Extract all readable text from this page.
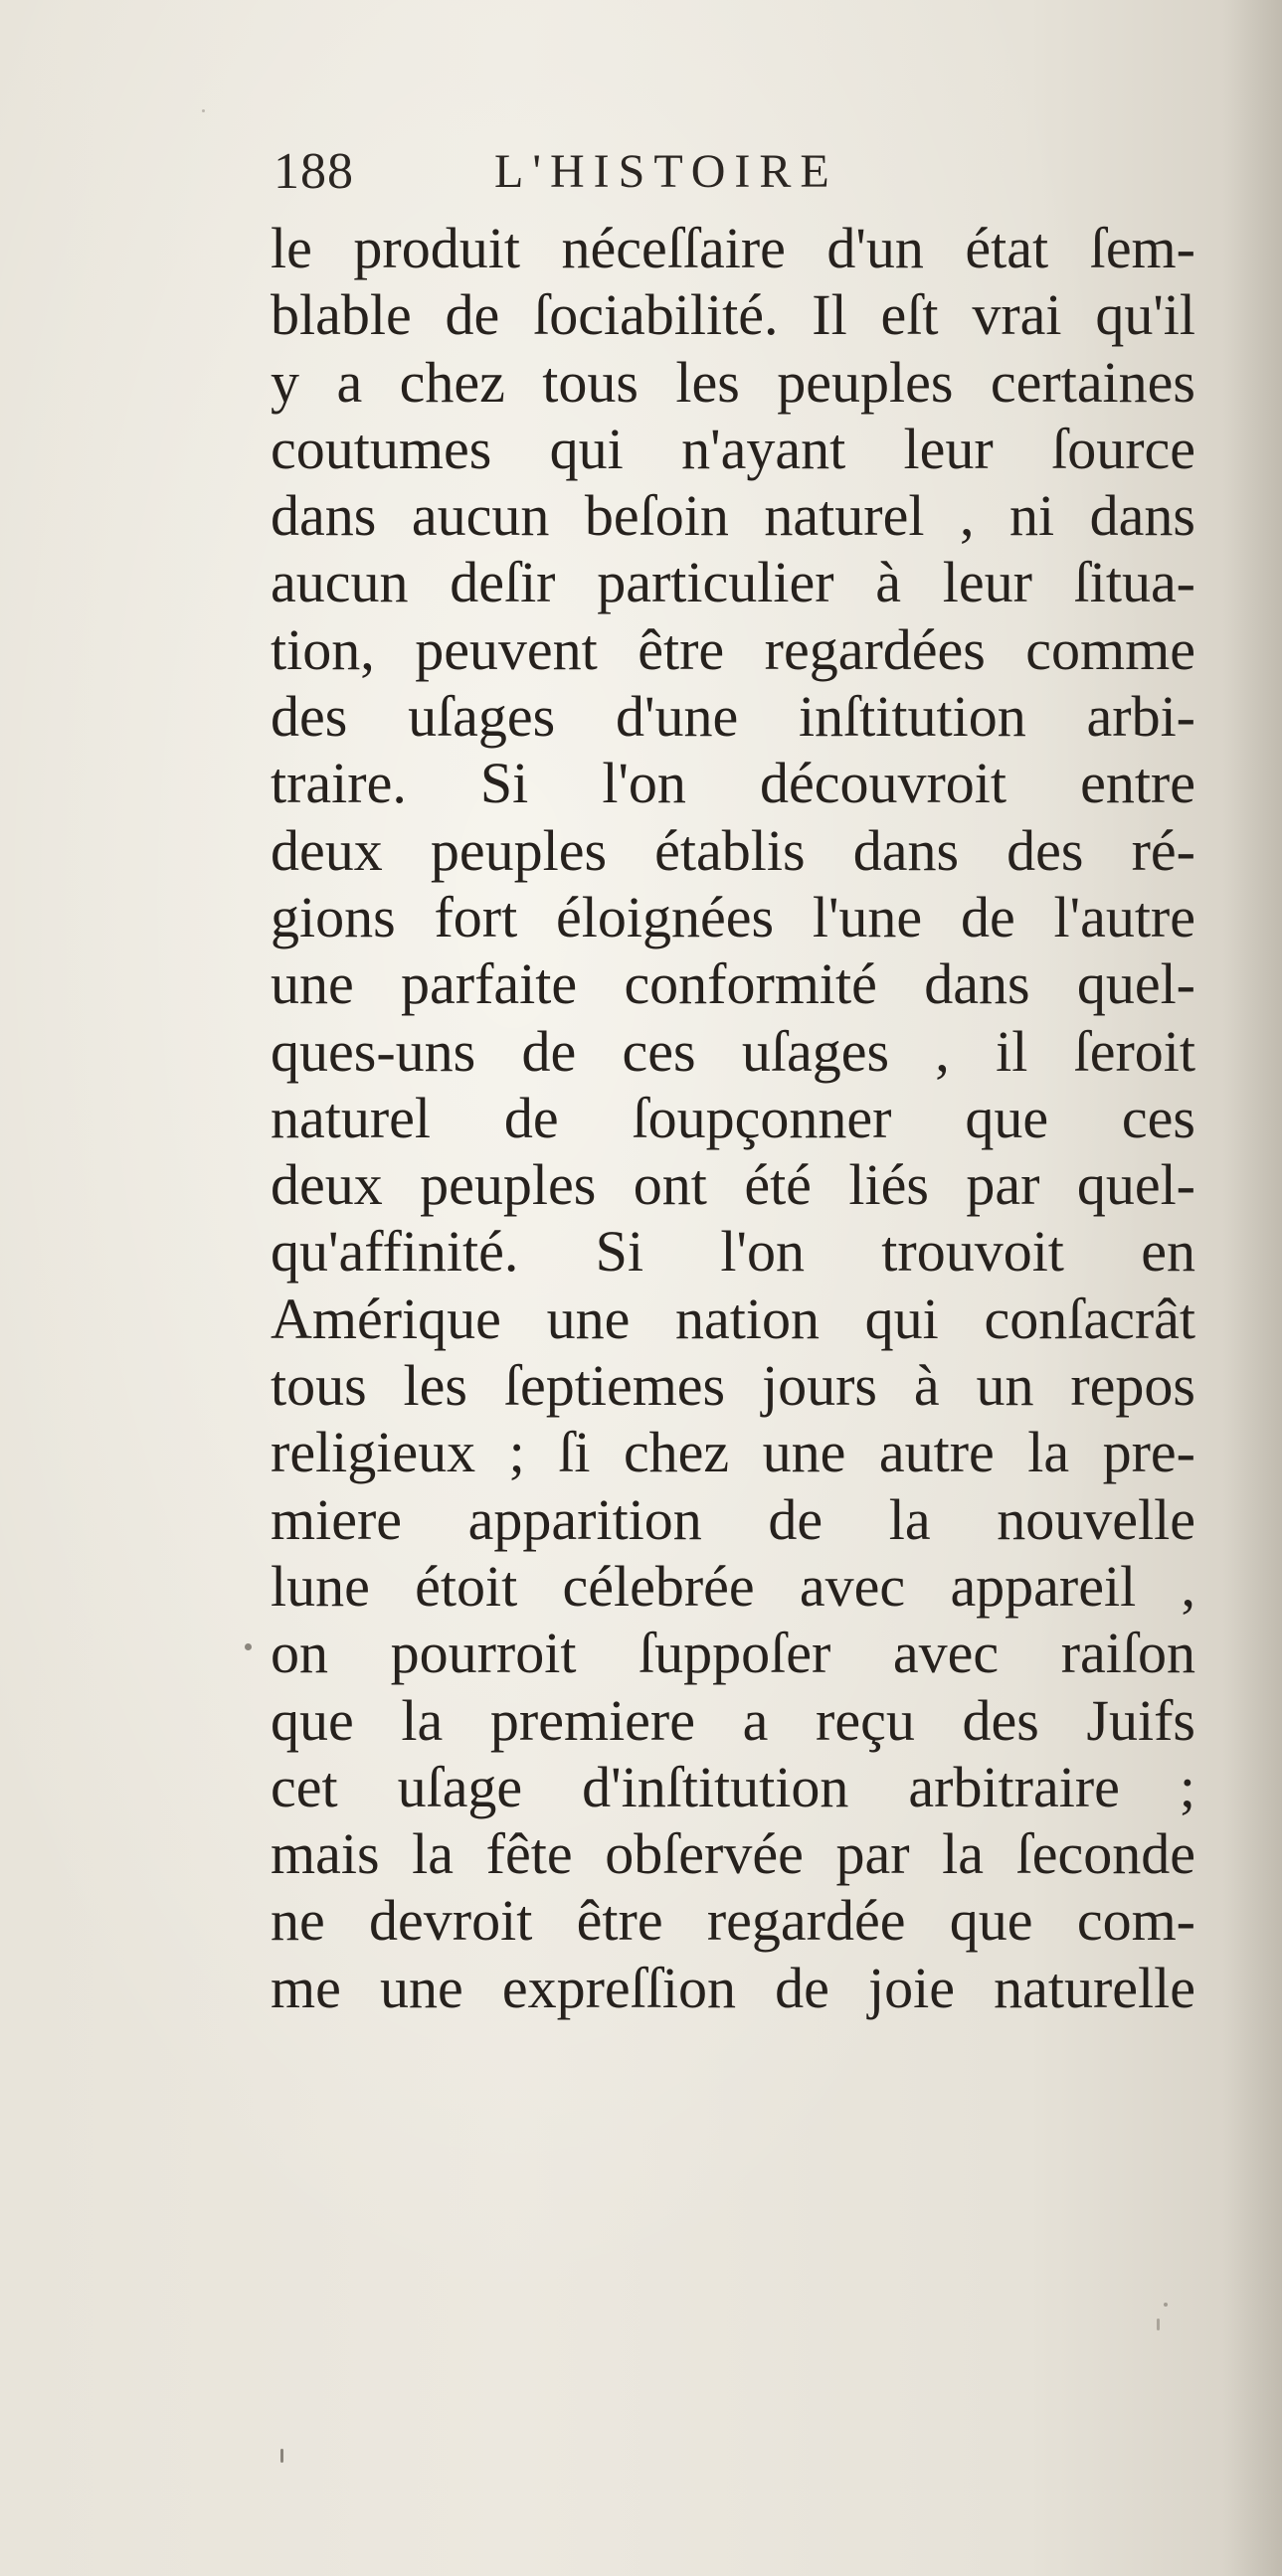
188	L'HISTOIRE
le produit néceſſaire d'un état ſem-
blable de ſociabilité. Il eſt vrai qu'il
y a chez tous les peuples certaines
coutumes qui n'ayant leur ſource
dans aucun beſoin naturel , ni dans
aucun deſir particulier à leur ſitua-
tion, peuvent être regardées comme
des uſages d'une inſtitution arbi-
traire. Si l'on découvroit entre
deux peuples établis dans des ré-
gions fort éloignées l'une de l'autre
une parfaite conformité dans quel-
ques-uns de ces uſages , il ſeroit
naturel de ſoupçonner que ces
deux peuples ont été liés par quel-
qu'affinité. Si l'on trouvoit en
Amérique une nation qui conſacrât
tous les ſeptiemes jours à un repos
religieux ; ſi chez une autre la pre-
miere apparition de la nouvelle
lune étoit célebrée avec appareil ,
on pourroit ſuppoſer avec raiſon
que la premiere a reçu des Juifs
cet uſage d'inſtitution arbitraire ;
mais la fête obſervée par la ſeconde
ne devroit être regardée que com-
me une expreſſion de joie naturelle
